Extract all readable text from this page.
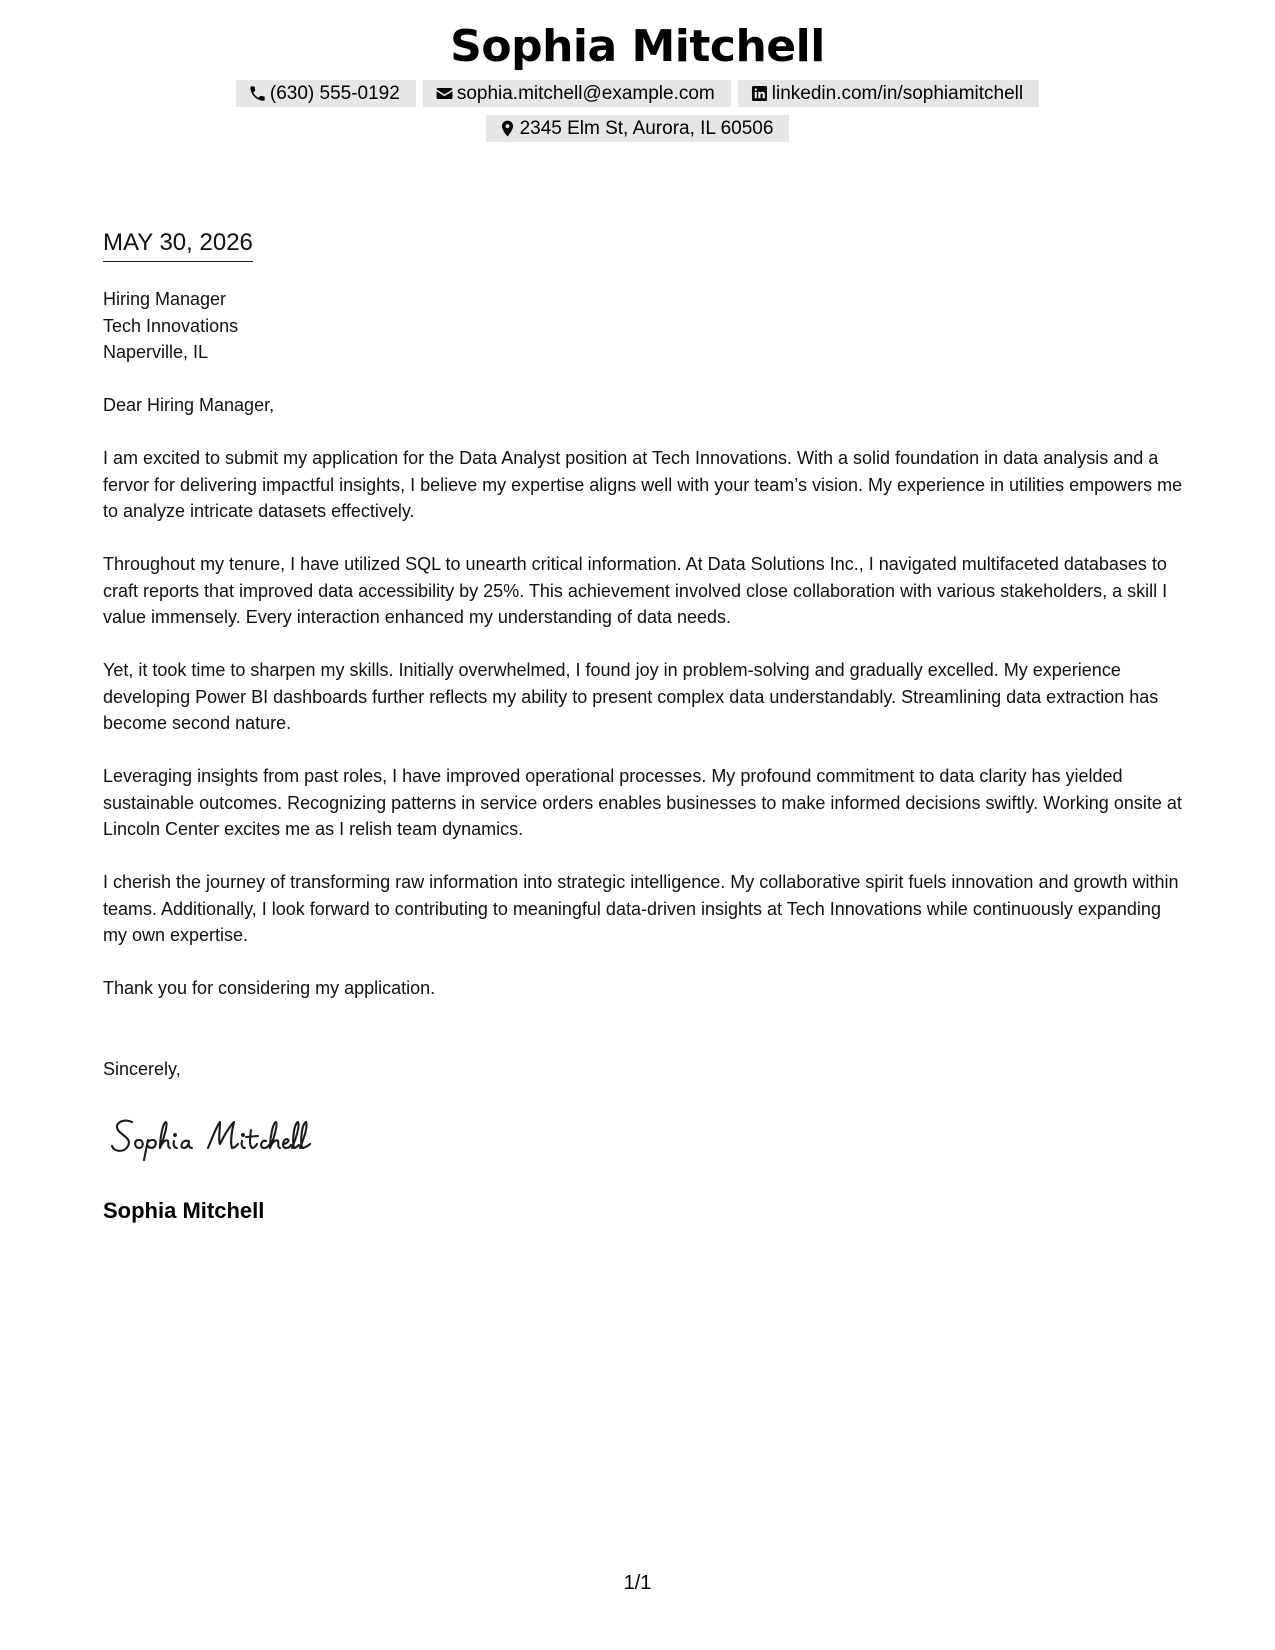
Sophia Mitchell
(630) 555-0192	sophia.mitchell@example.com	linkedin.com/in/sophiamitchell
2345 Elm St, Aurora, IL 60506
MAY 30, 2026
Hiring Manager
Tech Innovations
Naperville, IL

Dear Hiring Manager,

I am excited to submit my application for the Data Analyst position at Tech Innovations. With a solid foundation in data analysis and a fervor for delivering impactful insights, I believe my expertise aligns well with your team’s vision. My experience in utilities empowers me to analyze intricate datasets effectively.

Throughout my tenure, I have utilized SQL to unearth critical information. At Data Solutions Inc., I navigated multifaceted databases to craft reports that improved data accessibility by 25%. This achievement involved close collaboration with various stakeholders, a skill I value immensely. Every interaction enhanced my understanding of data needs.

Yet, it took time to sharpen my skills. Initially overwhelmed, I found joy in problem-solving and gradually excelled. My experience developing Power BI dashboards further reflects my ability to present complex data understandably. Streamlining data extraction has become second nature.

Leveraging insights from past roles, I have improved operational processes. My profound commitment to data clarity has yielded sustainable outcomes. Recognizing patterns in service orders enables businesses to make informed decisions swiftly. Working onsite at Lincoln Center excites me as I relish team dynamics.

I cherish the journey of transforming raw information into strategic intelligence. My collaborative spirit fuels innovation and growth within teams. Additionally, I look forward to contributing to meaningful data-driven insights at Tech Innovations while continuously expanding my own expertise.

Thank you for considering my application.

Sincerely,
Sophia Mitchell
1/1
